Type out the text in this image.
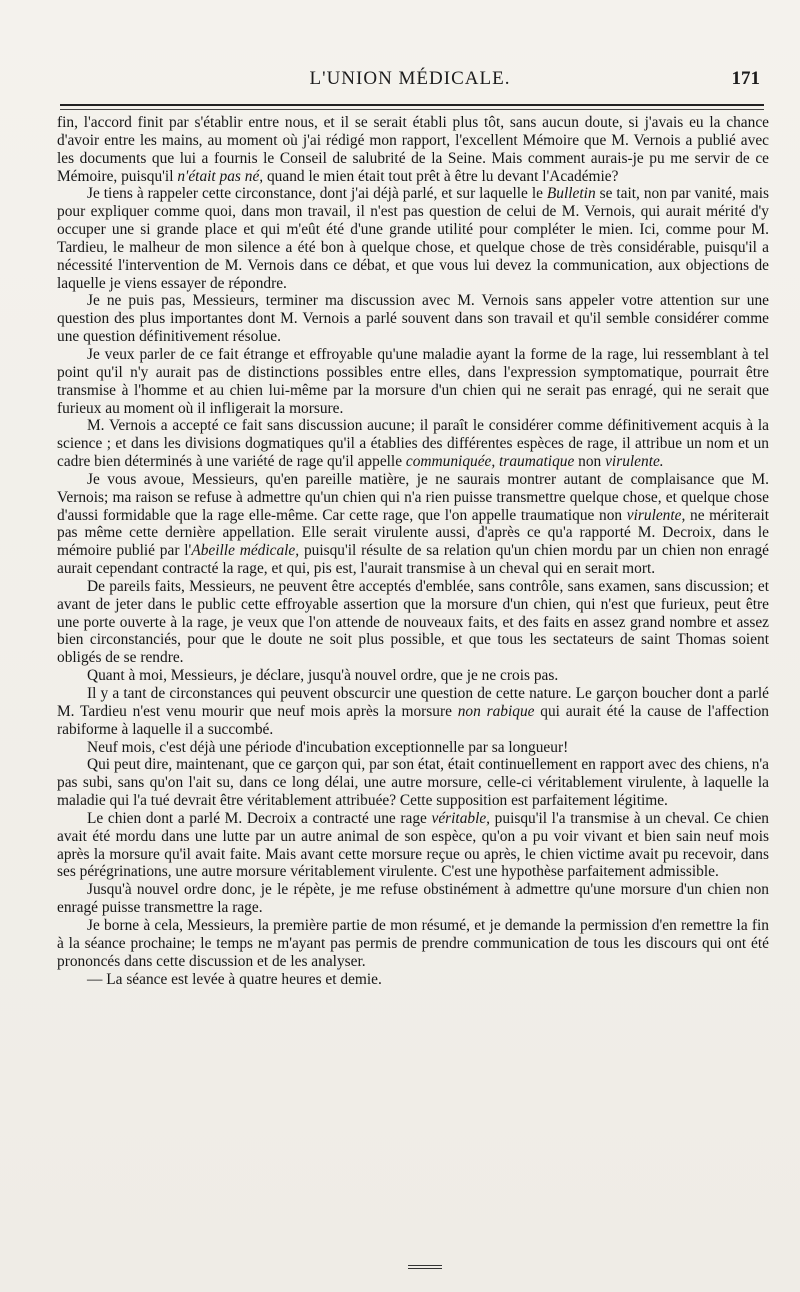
L'UNION MÉDICALE.	171

fin, l'accord finit par s'établir entre nous, et il se serait établi plus tôt, sans aucun doute, si j'avais eu la chance d'avoir entre les mains, au moment où j'ai rédigé mon rapport, l'excellent Mémoire que M. Vernois a publié avec les documents que lui a fournis le Conseil de salubrité de la Seine. Mais comment aurais-je pu me servir de ce Mémoire, puisqu'il n'était pas né, quand le mien était tout prêt à être lu devant l'Académie?

Je tiens à rappeler cette circonstance, dont j'ai déjà parlé, et sur laquelle le Bulletin se tait, non par vanité, mais pour expliquer comme quoi, dans mon travail, il n'est pas question de celui de M. Vernois, qui aurait mérité d'y occuper une si grande place et qui m'eût été d'une grande utilité pour compléter le mien. Ici, comme pour M. Tardieu, le malheur de mon silence a été bon à quelque chose, et quelque chose de très considérable, puisqu'il a nécessité l'intervention de M. Vernois dans ce débat, et que vous lui devez la communication, aux objections de laquelle je viens essayer de répondre.

Je ne puis pas, Messieurs, terminer ma discussion avec M. Vernois sans appeler votre attention sur une question des plus importantes dont M. Vernois a parlé souvent dans son travail et qu'il semble considérer comme une question définitivement résolue.

Je veux parler de ce fait étrange et effroyable qu'une maladie ayant la forme de la rage, lui ressemblant à tel point qu'il n'y aurait pas de distinctions possibles entre elles, dans l'expression symptomatique, pourrait être transmise à l'homme et au chien lui-même par la morsure d'un chien qui ne serait pas enragé, qui ne serait que furieux au moment où il infligerait la morsure.

M. Vernois a accepté ce fait sans discussion aucune; il paraît le considérer comme définitivement acquis à la science ; et dans les divisions dogmatiques qu'il a établies des différentes espèces de rage, il attribue un nom et un cadre bien déterminés à une variété de rage qu'il appelle communiquée, traumatique non virulente.

Je vous avoue, Messieurs, qu'en pareille matière, je ne saurais montrer autant de complaisance que M. Vernois; ma raison se refuse à admettre qu'un chien qui n'a rien puisse transmettre quelque chose, et quelque chose d'aussi formidable que la rage elle-même. Car cette rage, que l'on appelle traumatique non virulente, ne mériterait pas même cette dernière appellation. Elle serait virulente aussi, d'après ce qu'a rapporté M. Decroix, dans le mémoire publié par l'Abeille médicale, puisqu'il résulte de sa relation qu'un chien mordu par un chien non enragé aurait cependant contracté la rage, et qui, pis est, l'aurait transmise à un cheval qui en serait mort.

De pareils faits, Messieurs, ne peuvent être acceptés d'emblée, sans contrôle, sans examen, sans discussion; et avant de jeter dans le public cette effroyable assertion que la morsure d'un chien, qui n'est que furieux, peut être une porte ouverte à la rage, je veux que l'on attende de nouveaux faits, et des faits en assez grand nombre et assez bien circonstanciés, pour que le doute ne soit plus possible, et que tous les sectateurs de saint Thomas soient obligés de se rendre.

Quant à moi, Messieurs, je déclare, jusqu'à nouvel ordre, que je ne crois pas.

Il y a tant de circonstances qui peuvent obscurcir une question de cette nature. Le garçon boucher dont a parlé M. Tardieu n'est venu mourir que neuf mois après la morsure non rabique qui aurait été la cause de l'affection rabiforme à laquelle il a succombé.

Neuf mois, c'est déjà une période d'incubation exceptionnelle par sa longueur!

Qui peut dire, maintenant, que ce garçon qui, par son état, était continuellement en rapport avec des chiens, n'a pas subi, sans qu'on l'ait su, dans ce long délai, une autre morsure, celle-ci véritablement virulente, à laquelle la maladie qui l'a tué devrait être véritablement attribuée? Cette supposition est parfaitement légitime.

Le chien dont a parlé M. Decroix a contracté une rage véritable, puisqu'il l'a transmise à un cheval. Ce chien avait été mordu dans une lutte par un autre animal de son espèce, qu'on a pu voir vivant et bien sain neuf mois après la morsure qu'il avait faite. Mais avant cette morsure reçue ou après, le chien victime avait pu recevoir, dans ses pérégrinations, une autre morsure véritablement virulente. C'est une hypothèse parfaitement admissible.

Jusqu'à nouvel ordre donc, je le répète, je me refuse obstinément à admettre qu'une morsure d'un chien non enragé puisse transmettre la rage.

Je borne à cela, Messieurs, la première partie de mon résumé, et je demande la permission d'en remettre la fin à la séance prochaine; le temps ne m'ayant pas permis de prendre communication de tous les discours qui ont été prononcés dans cette discussion et de les analyser.

— La séance est levée à quatre heures et demie.
